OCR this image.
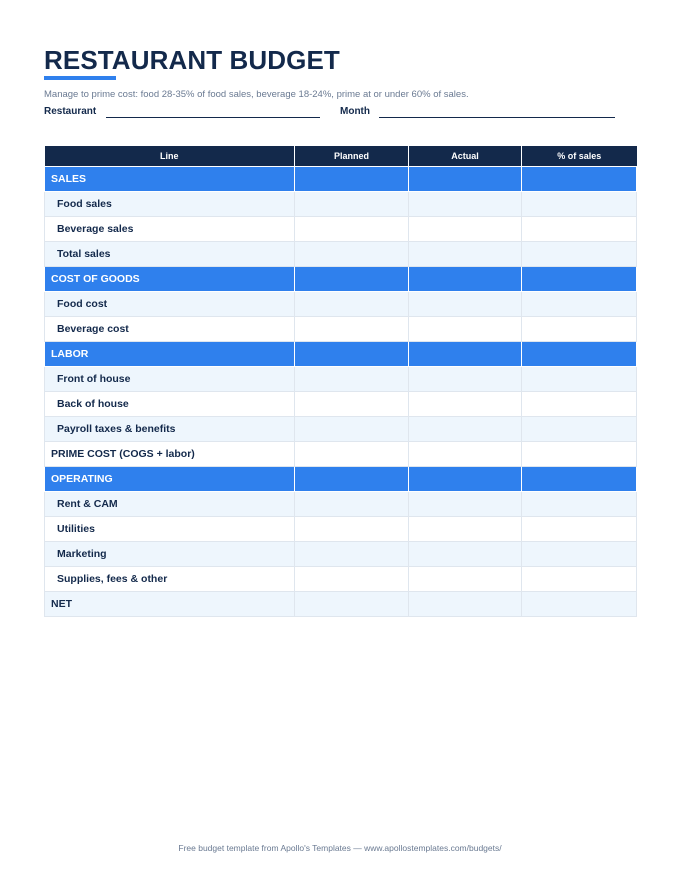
RESTAURANT BUDGET
Manage to prime cost: food 28-35% of food sales, beverage 18-24%, prime at or under 60% of sales.
Restaurant	Month
Line	Planned	Actual	% of sales
SALES			
Food sales			
Beverage sales			
Total sales			
COST OF GOODS			
Food cost			
Beverage cost			
LABOR			
Front of house			
Back of house			
Payroll taxes & benefits			
PRIME COST (COGS + labor)			
OPERATING			
Rent & CAM			
Utilities			
Marketing			
Supplies, fees & other			
NET			
Free budget template from Apollo's Templates — www.apollostemplates.com/budgets/
